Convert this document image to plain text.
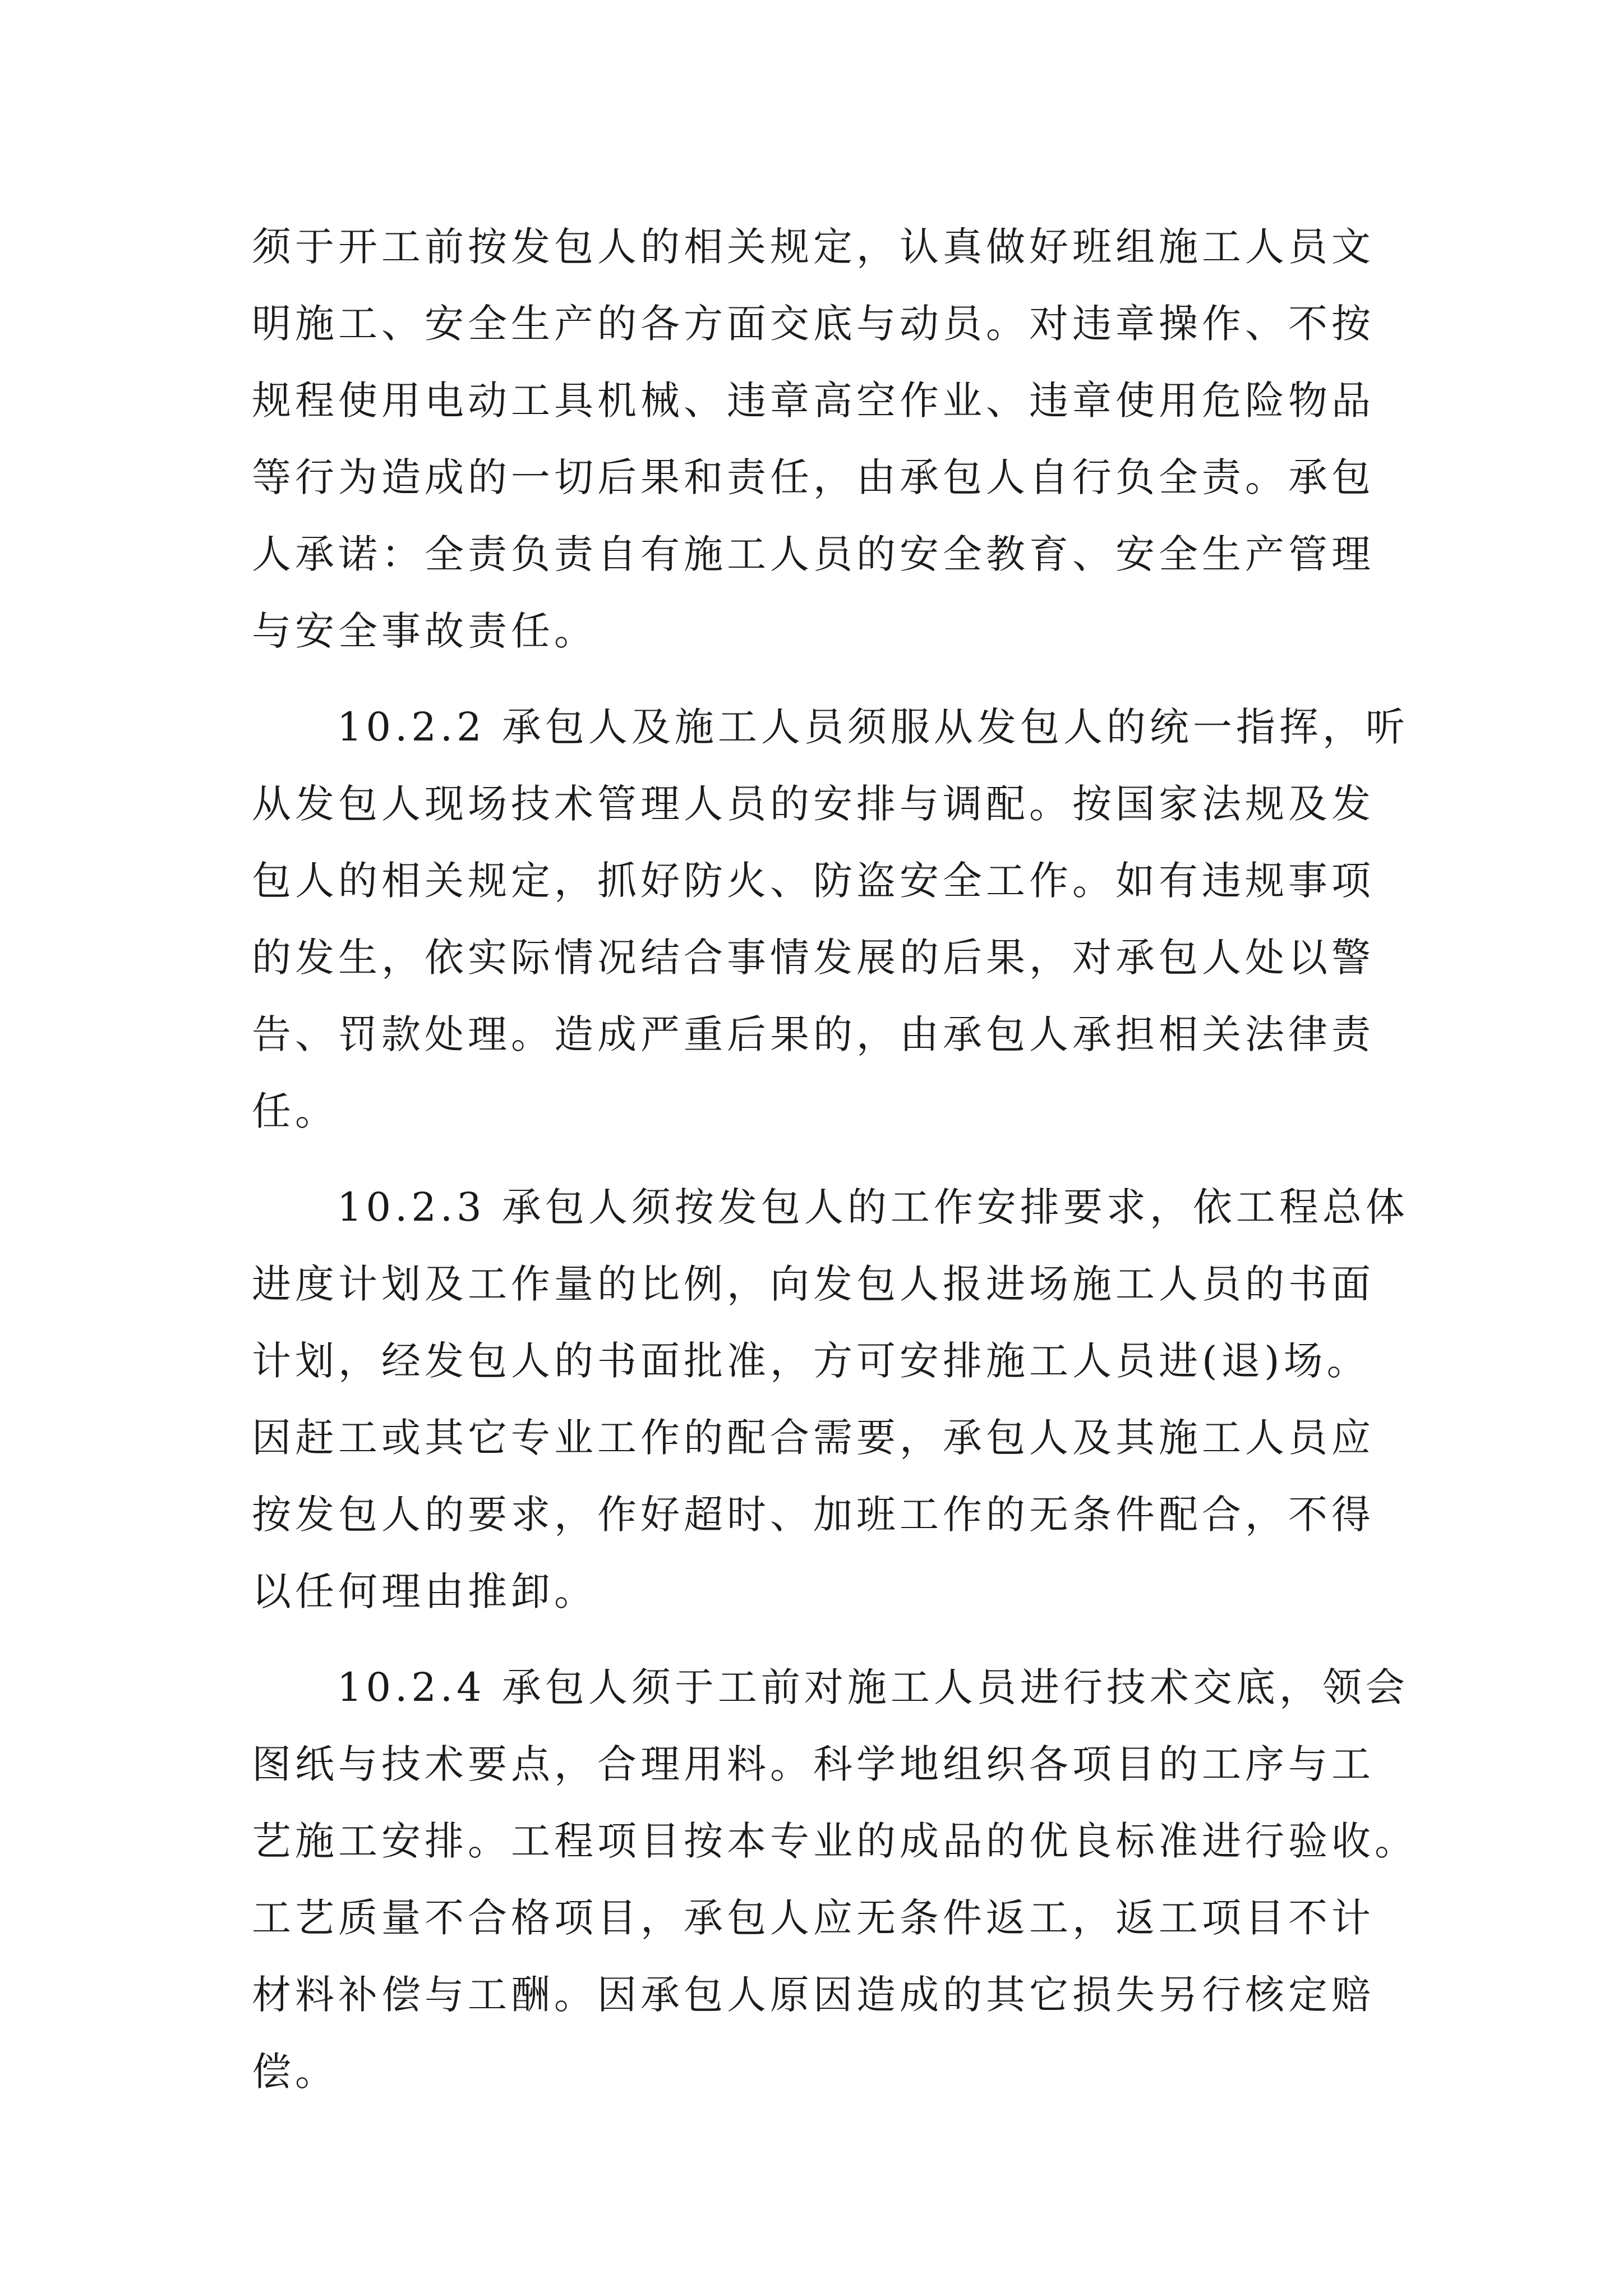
须于开工前按发包人的相关规定，认真做好班组施工人员文
明施工、安全生产的各方面交底与动员。对违章操作、不按
规程使用电动工具机械、违章高空作业、违章使用危险物品
等行为造成的一切后果和责任，由承包人自行负全责。承包
人承诺：全责负责自有施工人员的安全教育、安全生产管理
与安全事故责任。
10.2.2 承包人及施工人员须服从发包人的统一指挥，听
从发包人现场技术管理人员的安排与调配。按国家法规及发
包人的相关规定，抓好防火、防盗安全工作。如有违规事项
的发生，依实际情况结合事情发展的后果，对承包人处以警
告、罚款处理。造成严重后果的，由承包人承担相关法律责
任。
10.2.3 承包人须按发包人的工作安排要求，依工程总体
进度计划及工作量的比例，向发包人报进场施工人员的书面
计划，经发包人的书面批准，方可安排施工人员进(退)场。
因赶工或其它专业工作的配合需要，承包人及其施工人员应
按发包人的要求，作好超时、加班工作的无条件配合，不得
以任何理由推卸。
10.2.4 承包人须于工前对施工人员进行技术交底，领会
图纸与技术要点，合理用料。科学地组织各项目的工序与工
艺施工安排。工程项目按本专业的成品的优良标准进行验收。
工艺质量不合格项目，承包人应无条件返工，返工项目不计
材料补偿与工酬。因承包人原因造成的其它损失另行核定赔
偿。
